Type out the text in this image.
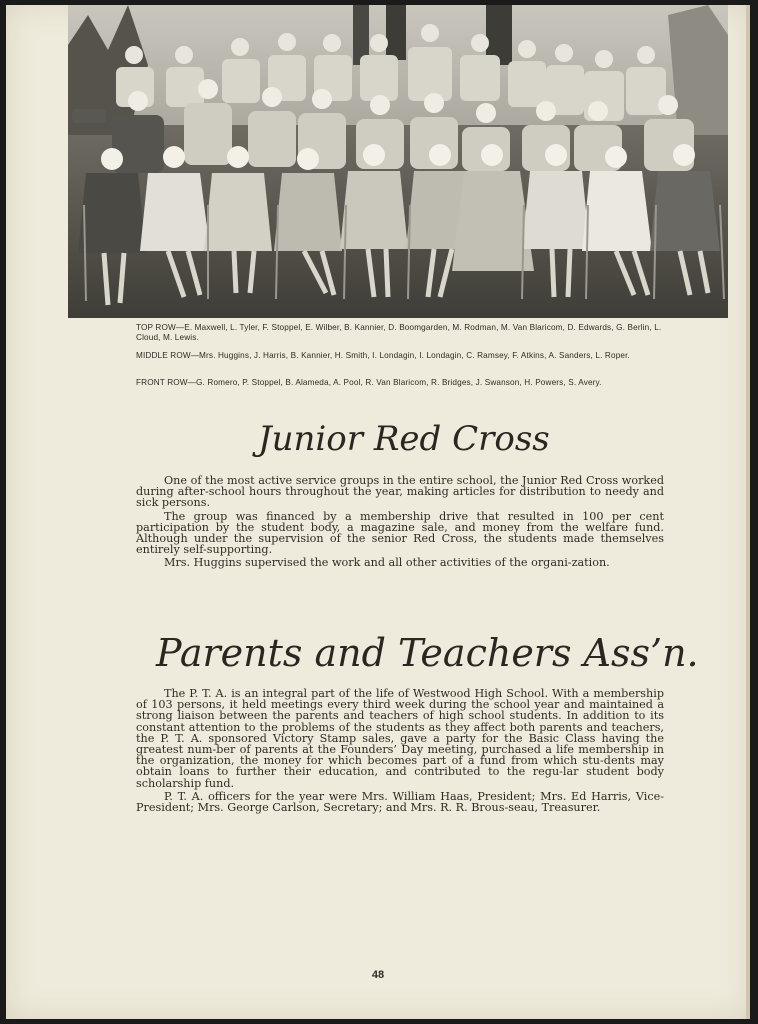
TOP ROW—E. Maxwell, L. Tyler, F. Stoppel, E. Wilber, B. Kannier, D. Boomgarden, M. Rodman, M. Van Blaricom, D. Edwards, G. Berlin, L. Cloud, M. Lewis.
MIDDLE ROW—Mrs. Huggins, J. Harris, B. Kannier, H. Smith, I. Londagin, I. Londagin, C. Ramsey, F. Atkins, A. Sanders, L. Roper.
FRONT ROW—G. Romero, P. Stoppel, B. Alameda, A. Pool, R. Van Blaricom, R. Bridges, J. Swanson, H. Powers, S. Avery.
Junior Red Cross

One of the most active service groups in the entire school, the Junior Red Cross worked during after-school hours throughout the year, making articles for distribution to needy and sick persons.

The group was financed by a membership drive that resulted in 100 per cent participation by the student body, a magazine sale, and money from the welfare fund. Although under the supervision of the senior Red Cross, the students made themselves entirely self-supporting.

Mrs. Huggins supervised the work and all other activities of the organi-zation.

Parents and Teachers Ass’n.

The P. T. A. is an integral part of the life of Westwood High School. With a membership of 103 persons, it held meetings every third week during the school year and maintained a strong liaison between the parents and teachers of high school students. In addition to its constant attention to the problems of the students as they affect both parents and teachers, the P. T. A. sponsored Victory Stamp sales, gave a party for the Basic Class having the greatest num-ber of parents at the Founders’ Day meeting, purchased a life membership in the organization, the money for which becomes part of a fund from which stu-dents may obtain loans to further their education, and contributed to the regu-lar student body scholarship fund.

P. T. A. officers for the year were Mrs. William Haas, President; Mrs. Ed Harris, Vice-President; Mrs. George Carlson, Secretary; and Mrs. R. R. Brous-seau, Treasurer.

48
